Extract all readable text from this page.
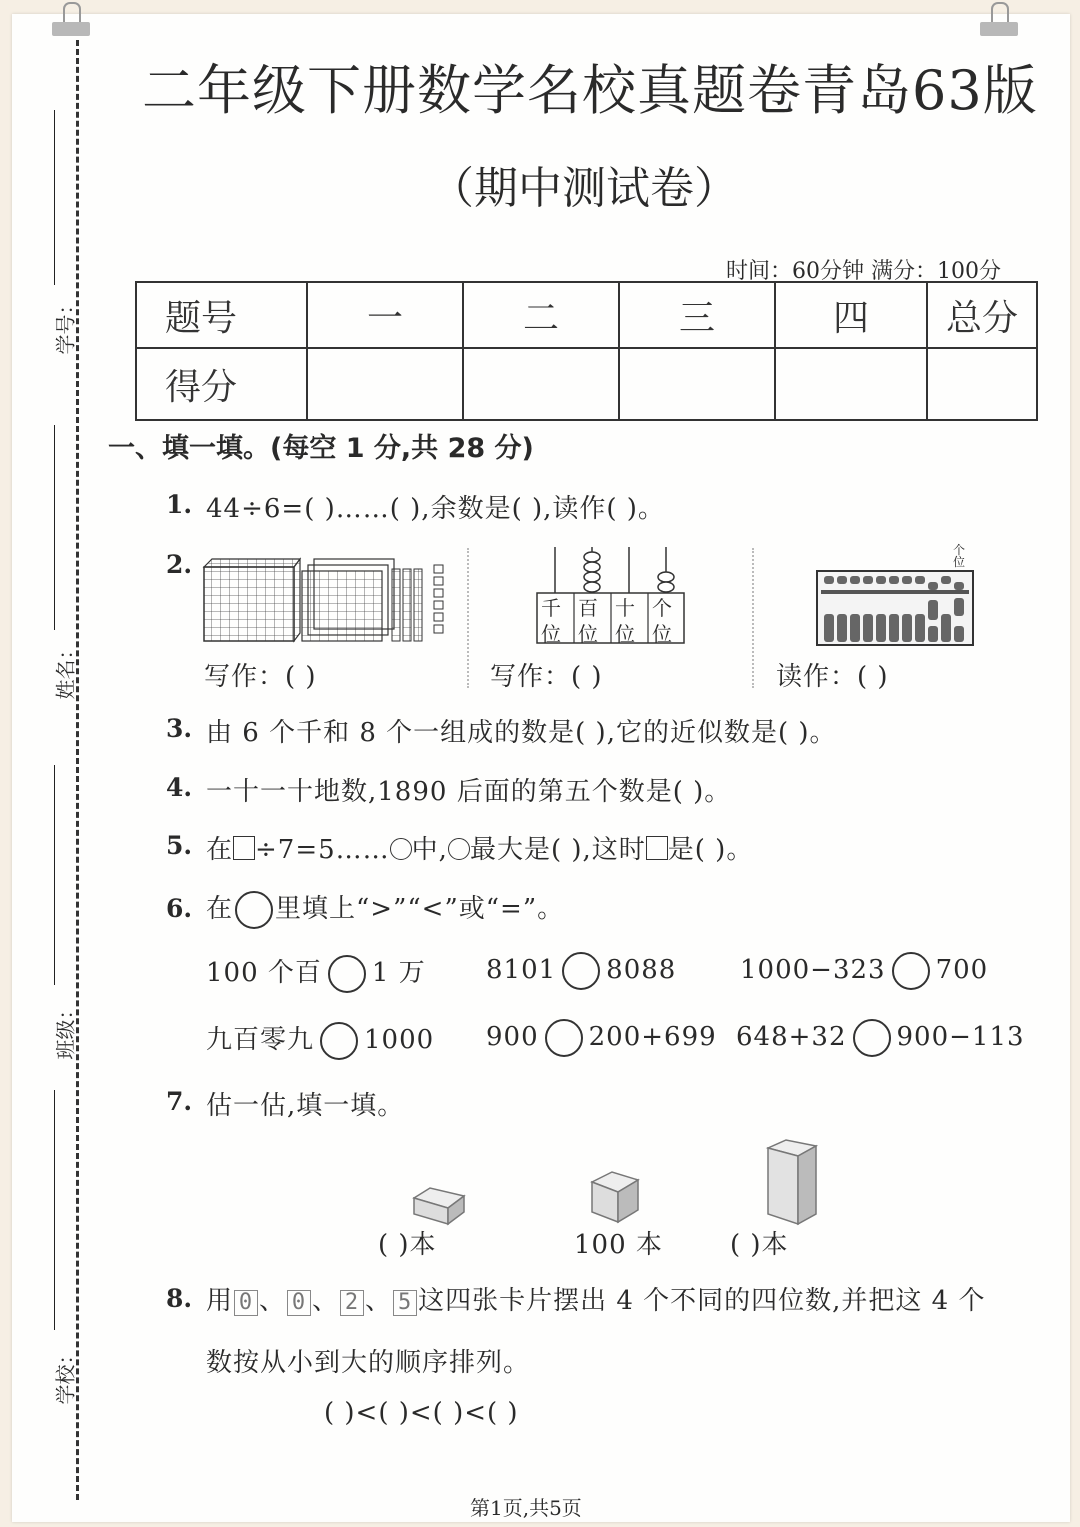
学号：
姓名：
班级：
学校：
二年级下册数学名校真题卷青岛63版
（期中测试卷）
时间：60分钟 满分：100分
题号	一	二	三	四	总分
得分					
一、填一填。(每空 1 分,共 28 分)
1. 44÷6=( )……( ),余数是( ),读作( )。
2.
写作：( )
千 百 十 个
位 位 位 位
写作：( )
个位
读作：( )
3. 由 6 个千和 8 个一组成的数是( ),它的近似数是( )。
4. 一十一十地数,1890 后面的第五个数是( )。
5. 在 ÷7=5…… 中, 最大是( ),这时 是( )。
6. 在 里填上“>”“<”或“=”。
100 个百 1 万 8101 8088 1000−323 700
九百零九 1000 900 200+699 648+32 900−113
7. 估一估,填一填。
( )本	100 本	( )本
8. 用 0 、 0 、 2 、 5 这四张卡片摆出 4 个不同的四位数,并把这 4 个
数按从小到大的顺序排列。
( )<( )<( )<( )
第1页,共5页
